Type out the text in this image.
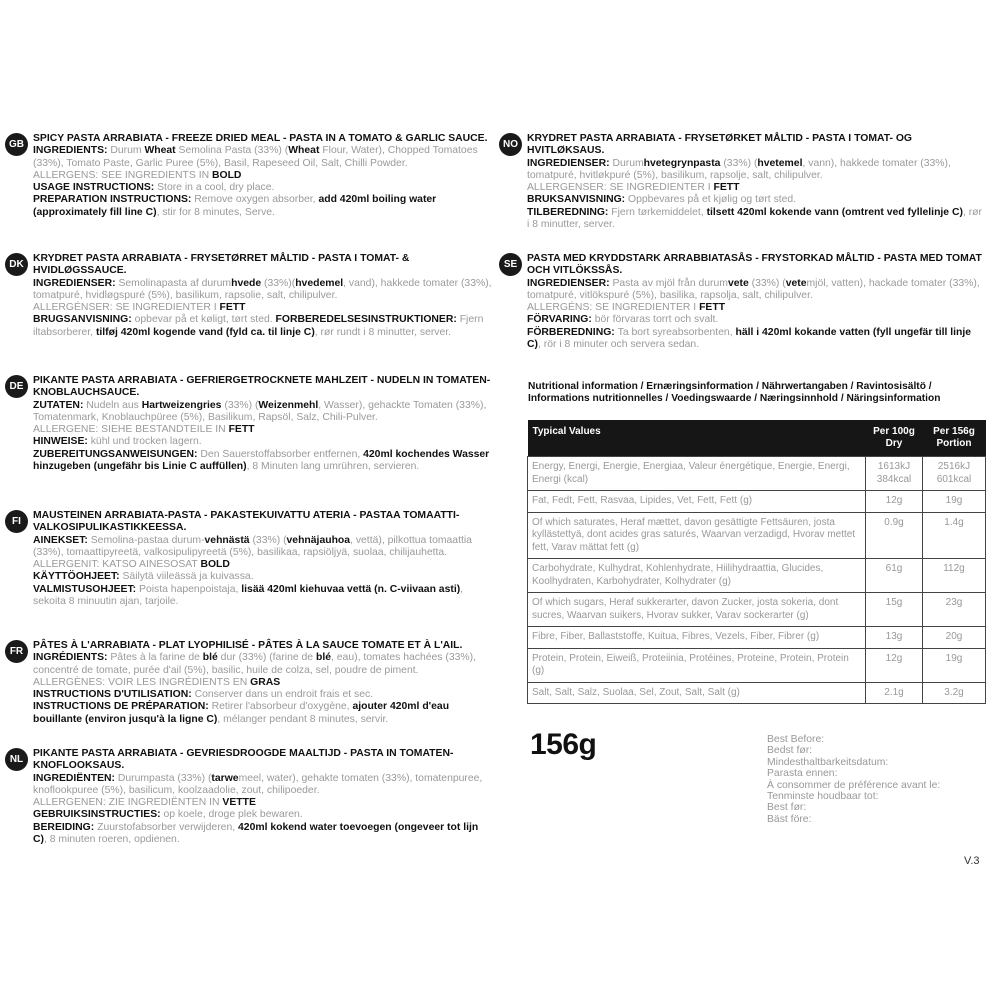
GB
SPICY PASTA ARRABIATA - FREEZE DRIED MEAL - PASTA IN A TOMATO & GARLIC SAUCE.
INGREDIENTS: Durum Wheat Semolina Pasta (33%) (Wheat Flour, Water), Chopped Tomatoes (33%), Tomato Paste, Garlic Puree (5%), Basil, Rapeseed Oil, Salt, Chilli Powder.
ALLERGENS: SEE INGREDIENTS IN BOLD
USAGE INSTRUCTIONS: Store in a cool, dry place.
PREPARATION INSTRUCTIONS: Remove oxygen absorber, add 420ml boiling water (approximately fill line C), stir for 8 minutes, Serve.
DK
KRYDRET PASTA ARRABIATA - FRYSETØRRET MÅLTID - PASTA I TOMAT- & HVIDLØGSSAUCE.
INGREDIENSER: Semolinapasta af durumhvede (33%)(hvedemel, vand), hakkede tomater (33%), tomatpuré, hvidløgspuré (5%), basilikum, rapsolie, salt, chilipulver.
ALLERGÉNSER: SE INGREDIENTER I FETT
BRUGSANVISNING: opbevar på et køligt, tørt sted. FORBEREDELSESINSTRUKTIONER: Fjern iltabsorberer, tilføj 420ml kogende vand (fyld ca. til linje C), rør rundt i 8 minutter, server.
DE
PIKANTE PASTA ARRABIATA - GEFRIERGETROCKNETE MAHLZEIT - NUDELN IN TOMATEN-KNOBLAUCHSAUCE.
ZUTATEN: Nudeln aus Hartweizengries (33%) (Weizenmehl, Wasser), gehackte Tomaten (33%), Tomatenmark, Knoblauchpüree (5%), Basilikum, Rapsöl, Salz, Chili-Pulver.
ALLERGENE: SIEHE BESTANDTEILE IN FETT
HINWEISE: kühl und trocken lagern.
ZUBEREITUNGSANWEISUNGEN: Den Sauerstoffabsorber entfernen, 420ml kochendes Wasser hinzugeben (ungefähr bis Linie C auffüllen), 8 Minuten lang umrühren, servieren.
FI
MAUSTEINEN ARRABIATA-PASTA - PAKASTEKUIVATTU ATERIA - PASTAA TOMAATTI-VALKOSIPULIKASTIKKEESSA.
AINEKSET: Semolina-pastaa durum-vehnästä (33%) (vehnäjauhoa, vettä), pilkottua tomaattia (33%), tomaattipyreetä, valkosipulipyreetä (5%), basilikaa, rapsiöljyä, suolaa, chilijauhetta.
ALLERGENIT: KATSO AINESOSAT BOLD
KÄYTTÖOHJEET: Säilytä viileässä ja kuivassa.
VALMISTUSOHJEET: Poista hapenpoistaja, lisää 420ml kiehuvaa vettä (n. C-viivaan asti), sekoita 8 minuutin ajan, tarjoile.
FR
PÂTES À L'ARRABIATA - PLAT LYOPHILISÉ - PÂTES À LA SAUCE TOMATE ET À L'AIL.
INGRÉDIENTS: Pâtes à la farine de blé dur (33%) (farine de blé, eau), tomates hachées (33%), concentré de tomate, purée d'ail (5%), basilic, huile de colza, sel, poudre de piment.
ALLERGÈNES: VOIR LES INGRÉDIENTS EN GRAS
INSTRUCTIONS D'UTILISATION: Conserver dans un endroit frais et sec.
INSTRUCTIONS DE PRÉPARATION: Retirer l'absorbeur d'oxygène, ajouter 420ml d'eau bouillante (environ jusqu'à la ligne C), mélanger pendant 8 minutes, servir.
NL
PIKANTE PASTA ARRABIATA - GEVRIESDROOGDE MAALTIJD - PASTA IN TOMATEN-KNOFLOOKSAUS.
INGREDIËNTEN: Durumpasta (33%) (tarwemeel, water), gehakte tomaten (33%), tomatenpuree, knoflookpuree (5%), basilicum, koolzaadolie, zout, chilipoeder.
ALLERGENEN: ZIE INGREDIËNTEN IN VETTE
GEBRUIKSINSTRUCTIES: op koele, droge plek bewaren.
BEREIDING: Zuurstofabsorber verwijderen, 420ml kokend water toevoegen (ongeveer tot lijn C), 8 minuten roeren, opdienen.
NO
KRYDRET PASTA ARRABIATA - FRYSETØRKET MÅLTID - PASTA I TOMAT- OG HVITLØKSAUS.
INGREDIENSER: Durumhvetegrynpasta (33%) (hvetemel, vann), hakkede tomater (33%), tomatpuré, hvitløkpuré (5%), basilikum, rapsolje, salt, chilipulver.
ALLERGENSER: SE INGREDIENTER I FETT
BRUKSANVISNING: Oppbevares på et kjølig og tørt sted.
TILBEREDNING: Fjern tørkemiddelet, tilsett 420ml kokende vann (omtrent ved fyllelinje C), rør i 8 minutter, server.
SE
PASTA MED KRYDDSTARK ARRABBIATASÅS - FRYSTORKAD MÅLTID - PASTA MED TOMAT OCH VITLÖKSSÅS.
INGREDIENSER: Pasta av mjöl från durumvete (33%) (vetemjöl, vatten), hackade tomater (33%), tomatpuré, vitlökspuré (5%), basilika, rapsolja, salt, chilipulver.
ALLERGÉNS: SE INGREDIENTER I FETT
FÖRVARING: bör förvaras torrt och svalt.
FÖRBEREDNING: Ta bort syreabsorbenten, häll i 420ml kokande vatten (fyll ungefär till linje C), rör i 8 minuter och servera sedan.
Nutritional information / Ernæringsinformation / Nährwertangaben / Ravintosisältö / Informations nutritionnelles / Voedingswaarde / Næringsinnhold / Näringsinformation
Typical Values	Per 100g Dry	Per 156g Portion
Energy, Energi, Energie, Energiaa, Valeur énergétique, Energie, Energi, Energi (kcal)	1613kJ 384kcal	2516kJ 601kcal
Fat, Fedt, Fett, Rasvaa, Lipides, Vet, Fett, Fett (g)	12g	19g
Of which saturates, Heraf mættet, davon gesättigte Fettsäuren, josta kyllästettyä, dont acides gras saturés, Waarvan verzadigd, Hvorav mettet fett, Varav mättat fett (g)	0.9g	1.4g
Carbohydrate, Kulhydrat, Kohlenhydrate, Hiilihydraattia, Glucides, Koolhydraten, Karbohydrater, Kolhydrater (g)	61g	112g
Of which sugars, Heraf sukkerarter, davon Zucker, josta sokeria, dont sucres, Waarvan suikers, Hvorav sukker, Varav sockerarter (g)	15g	23g
Fibre, Fiber, Ballaststoffe, Kuitua, Fibres, Vezels, Fiber, Fibrer (g)	13g	20g
Protein, Protein, Eiweiß, Proteiinia, Protéines, Proteine, Protein, Protein (g)	12g	19g
Salt, Salt, Salz, Suolaa, Sel, Zout, Salt, Salt (g)	2.1g	3.2g
156g	Best Before:
Bedst før:
Mindesthaltbarkeitsdatum:
Parasta ennen:
À consommer de préférence avant le:
Tenminste houdbaar tot:
Best før:
Bäst före:
V.3
